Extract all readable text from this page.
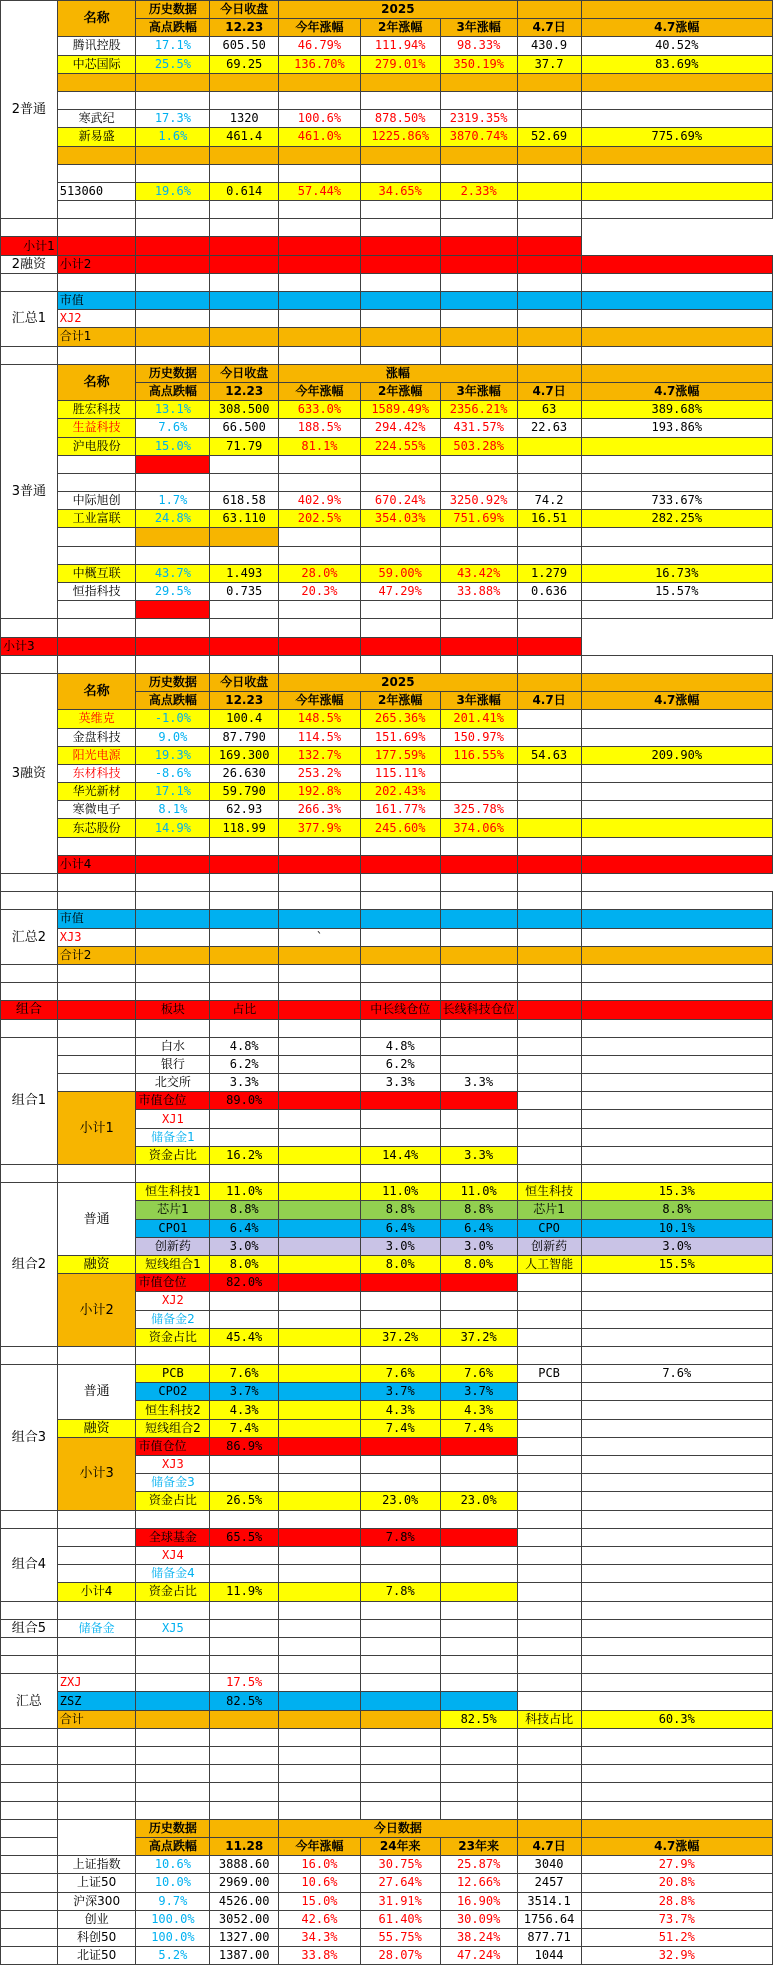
2普通	名称	历史数据	今日收盘	2025				
		高点跌幅	12.23	今年涨幅	2年涨幅	3年涨幅	4.7日	4.7涨幅
	腾讯控股	17.1%	605.50	46.79%	111.94%	98.33%	430.9	40.52%
	中芯国际	25.5%	69.25	136.70%	279.01%	350.19%	37.7	83.69%

	寒武纪	17.3%	1320	100.6%	878.50%	2319.35%		
	新易盛	1.6%	461.4	461.0%	1225.86%	3870.74%	52.69	775.69%

	513060	19.6%	0.614	57.44%	34.65%	2.33%		

小计1								
2融资	小计2							

汇总1	市值							
	XJ2							
	合计1							

3普通	名称	历史数据	今日收盘	涨幅				
		高点跌幅	12.23	今年涨幅	2年涨幅	3年涨幅	4.7日	4.7涨幅
	胜宏科技	13.1%	308.500	633.0%	1589.49%	2356.21%	63	389.68%
	生益科技	7.6%	66.500	188.5%	294.42%	431.57%	22.63	193.86%
	沪电股份	15.0%	71.79	81.1%	224.55%	503.28%		

	中际旭创	1.7%	618.58	402.9%	670.24%	3250.92%	74.2	733.67%
	工业富联	24.8%	63.110	202.5%	354.03%	751.69%	16.51	282.25%

	中概互联	43.7%	1.493	28.0%	59.00%	43.42%	1.279	16.73%
	恒指科技	29.5%	0.735	20.3%	47.29%	33.88%	0.636	15.57%

小计3								

3融资	名称	历史数据	今日收盘	2025				
		高点跌幅	12.23	今年涨幅	2年涨幅	3年涨幅	4.7日	4.7涨幅
	英维克	-1.0%	100.4	148.5%	265.36%	201.41%		
	金盘科技	9.0%	87.790	114.5%	151.69%	150.97%		
	阳光电源	19.3%	169.300	132.7%	177.59%	116.55%	54.63	209.90%
	东材科技	-8.6%	26.630	253.2%	115.11%			
	华光新材	17.1%	59.790	192.8%	202.43%			
	寒微电子	8.1%	62.93	266.3%	161.77%	325.78%		
	东芯股份	14.9%	118.99	377.9%	245.60%	374.06%		

	小计4							

汇总2	市值							
	XJ3			`				
	合计2							

组合		板块	占比		中长线仓位	长线科技仓位		

组合1		白水	4.8%		4.8%			
		银行	6.2%		6.2%			
		北交所	3.3%		3.3%	3.3%		
	小计1	市值仓位	89.0%					
		XJ1						
		储备金1						
		资金占比	16.2%		14.4%	3.3%		

组合2	普通	恒生科技1	11.0%		11.0%	11.0%	恒生科技	15.3%
		芯片1	8.8%		8.8%	8.8%	芯片1	8.8%
		CPO1	6.4%		6.4%	6.4%	CPO	10.1%
		创新药	3.0%		3.0%	3.0%	创新药	3.0%
	融资	短线组合1	8.0%		8.0%	8.0%	人工智能	15.5%
	小计2	市值仓位	82.0%					
		XJ2						
		储备金2						
		资金占比	45.4%		37.2%	37.2%		

组合3	普通	PCB	7.6%		7.6%	7.6%	PCB	7.6%
		CPO2	3.7%		3.7%	3.7%		
		恒生科技2	4.3%		4.3%	4.3%		
	融资	短线组合2	7.4%		7.4%	7.4%		
	小计3	市值仓位	86.9%					
		XJ3						
		储备金3						
		资金占比	26.5%		23.0%	23.0%		

组合4		全球基金	65.5%		7.8%			
		XJ4						
		储备金4						
	小计4	资金占比	11.9%		7.8%			

组合5	储备金	XJ5						

汇总	ZXJ		17.5%					
	ZSZ		82.5%					
	合计					82.5%	科技占比	60.3%

		历史数据		今日数据				
		高点跌幅	11.28	今年涨幅	24年来	23年来	4.7日	4.7涨幅
	上证指数	10.6%	3888.60	16.0%	30.75%	25.87%	3040	27.9%
	上证50	10.0%	2969.00	10.6%	27.64%	12.66%	2457	20.8%
	沪深300	9.7%	4526.00	15.0%	31.91%	16.90%	3514.1	28.8%
	创业	100.0%	3052.00	42.6%	61.40%	30.09%	1756.64	73.7%
	科创50	100.0%	1327.00	34.3%	55.75%	38.24%	877.71	51.2%
	北证50	5.2%	1387.00	33.8%	28.07%	47.24%	1044	32.9%
